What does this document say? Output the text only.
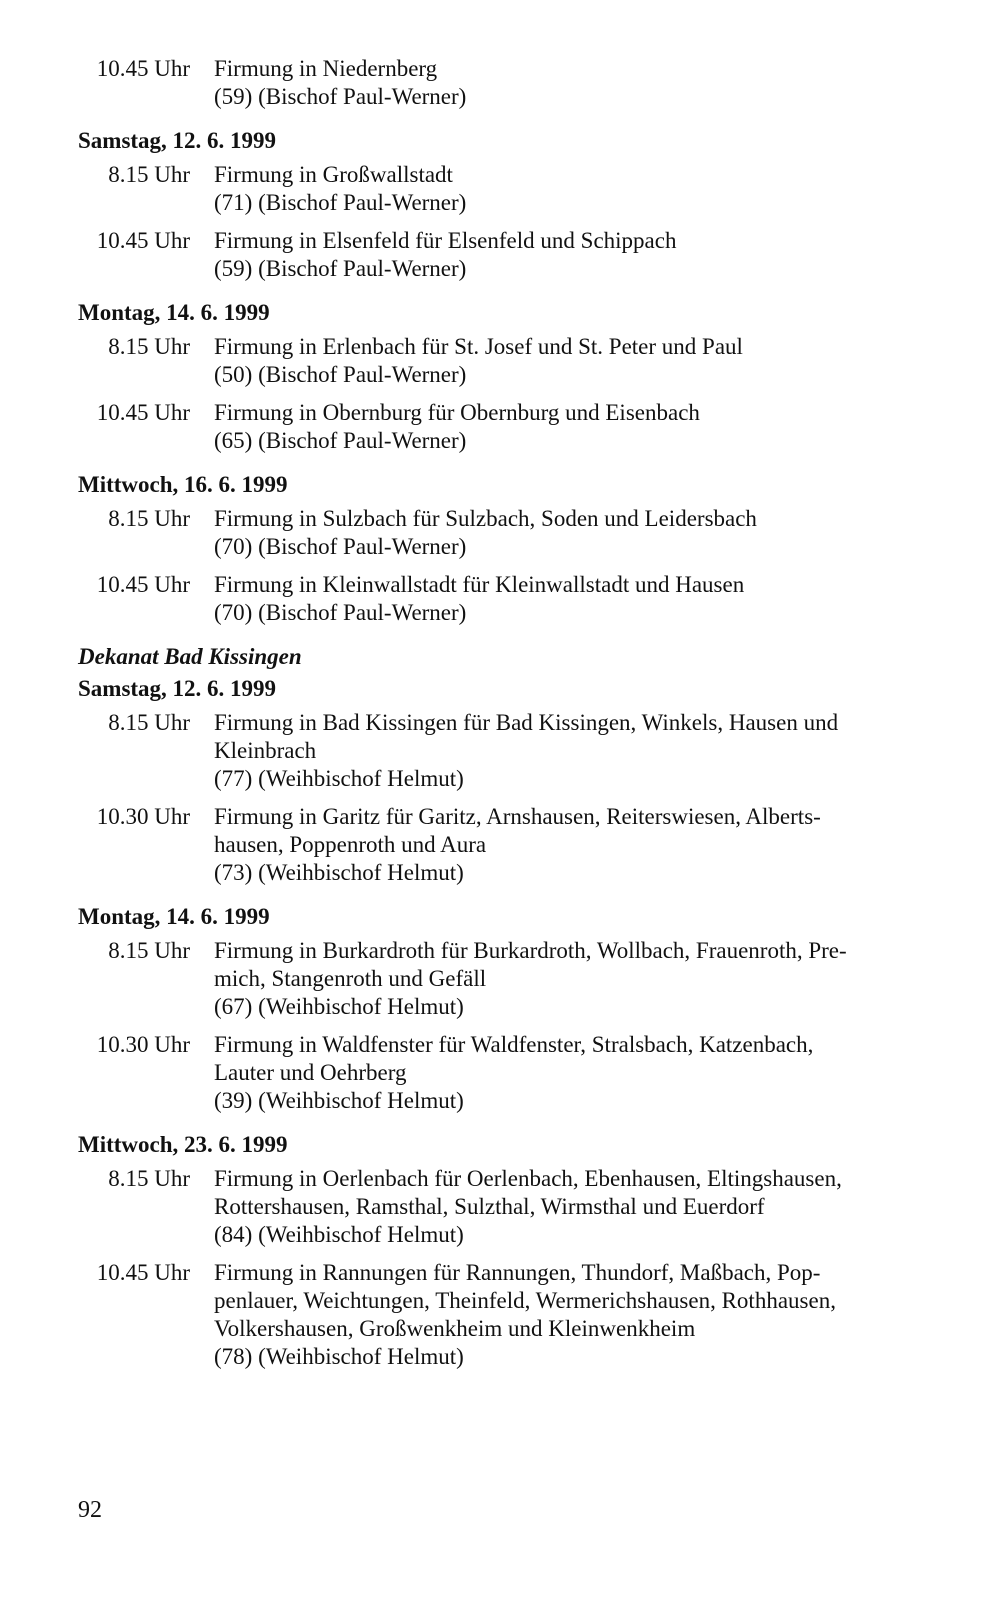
10.45 Uhr	Firmung in Niedernberg
(59) (Bischof Paul-Werner)
Samstag, 12. 6. 1999
8.15 Uhr	Firmung in Großwallstadt
(71) (Bischof Paul-Werner)
10.45 Uhr	Firmung in Elsenfeld für Elsenfeld und Schippach
(59) (Bischof Paul-Werner)
Montag, 14. 6. 1999
8.15 Uhr	Firmung in Erlenbach für St. Josef und St. Peter und Paul
(50) (Bischof Paul-Werner)
10.45 Uhr	Firmung in Obernburg für Obernburg und Eisenbach
(65) (Bischof Paul-Werner)
Mittwoch, 16. 6. 1999
8.15 Uhr	Firmung in Sulzbach für Sulzbach, Soden und Leidersbach
(70) (Bischof Paul-Werner)
10.45 Uhr	Firmung in Kleinwallstadt für Kleinwallstadt und Hausen
(70) (Bischof Paul-Werner)
Dekanat Bad Kissingen
Samstag, 12. 6. 1999
8.15 Uhr	Firmung in Bad Kissingen für Bad Kissingen, Winkels, Hausen und
Kleinbrach
(77) (Weihbischof Helmut)
10.30 Uhr	Firmung in Garitz für Garitz, Arnshausen, Reiterswiesen, Alberts-
hausen, Poppenroth und Aura
(73) (Weihbischof Helmut)
Montag, 14. 6. 1999
8.15 Uhr	Firmung in Burkardroth für Burkardroth, Wollbach, Frauenroth, Pre-
mich, Stangenroth und Gefäll
(67) (Weihbischof Helmut)
10.30 Uhr	Firmung in Waldfenster für Waldfenster, Stralsbach, Katzenbach,
Lauter und Oehrberg
(39) (Weihbischof Helmut)
Mittwoch, 23. 6. 1999
8.15 Uhr	Firmung in Oerlenbach für Oerlenbach, Ebenhausen, Eltingshausen,
Rottershausen, Ramsthal, Sulzthal, Wirmsthal und Euerdorf
(84) (Weihbischof Helmut)
10.45 Uhr	Firmung in Rannungen für Rannungen, Thundorf, Maßbach, Pop-
penlauer, Weichtungen, Theinfeld, Wermerichshausen, Rothhausen,
Volkershausen, Großwenkheim und Kleinwenkheim
(78) (Weihbischof Helmut)
92
